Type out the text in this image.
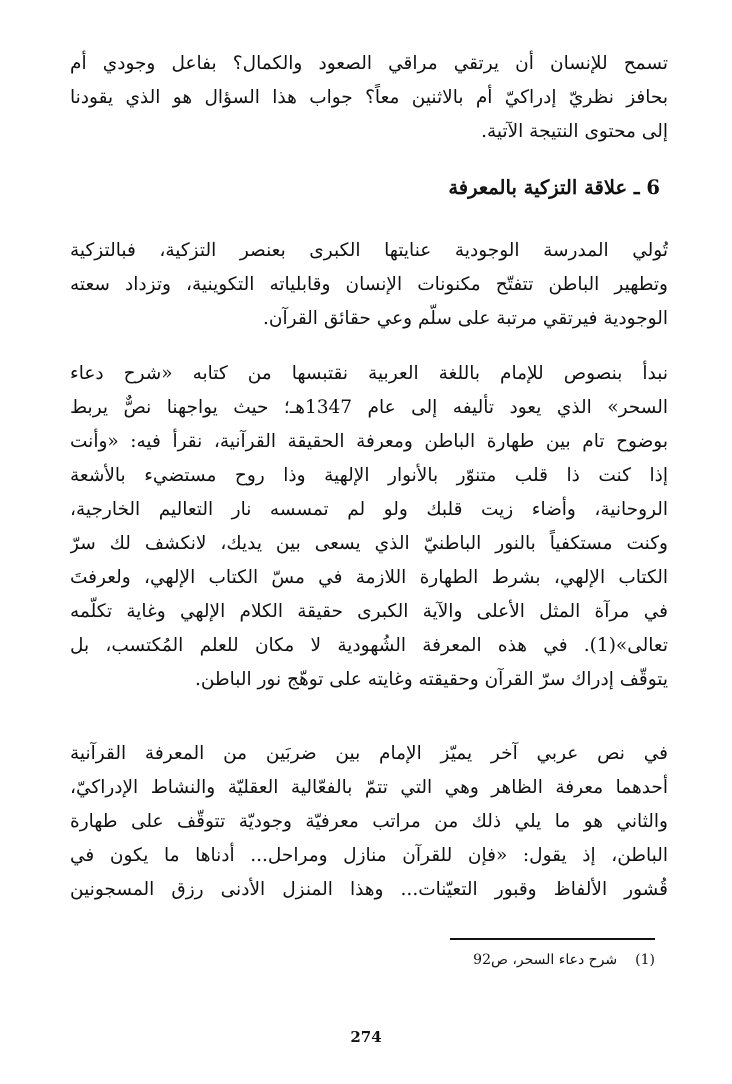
تسمح للإنسان أن يرتقي مراقي الصعود والكمال؟ بفاعل وجودي أم
بحافز نظريّ إدراكيّ أم بالاثنين معاً؟ جواب هذا السؤال هو الذي يقودنا
إلى محتوى النتيجة الآتية.
6 ـ علاقة التزكية بالمعرفة
تُولي المدرسة الوجودية عنايتها الكبرى بعنصر التزكية، فبالتزكية
وتطهير الباطن تتفتّح مكنونات الإنسان وقابلياته التكوينية، وتزداد سعته
الوجودية فيرتقي مرتبة على سلّم وعي حقائق القرآن.
نبدأ بنصوص للإمام باللغة العربية نقتبسها من كتابه «شرح دعاء
السحر» الذي يعود تأليفه إلى عام 1347هـ؛ حيث يواجهنا نصٌّ يربط
بوضوح تام بين طهارة الباطن ومعرفة الحقيقة القرآنية، نقرأ فيه: «وأنت
إذا كنت ذا قلب متنوّر بالأنوار الإلهية وذا روح مستضيء بالأشعة
الروحانية، وأضاء زيت قلبك ولو لم تمسسه نار التعاليم الخارجية،
وكنت مستكفياً بالنور الباطنيّ الذي يسعى بين يديك، لانكشف لك سرّ
الكتاب الإلهي، بشرط الطهارة اللازمة في مسّ الكتاب الإلهي، ولعرفتَ
في مرآة المثل الأعلى والآية الكبرى حقيقة الكلام الإلهي وغاية تكلّمه
تعالى»(1). في هذه المعرفة الشُهودية لا مكان للعلم المُكتسب، بل
يتوقّف إدراك سرّ القرآن وحقيقته وغايته على توهّج نور الباطن.
في نص عربي آخر يميّز الإمام بين ضربَين من المعرفة القرآنية
أحدهما معرفة الظاهر وهي التي تتمّ بالفعّالية العقليّة والنشاط الإدراكيّ،
والثاني هو ما يلي ذلك من مراتب معرفيّة وجوديّة تتوقّف على طهارة
الباطن، إذ يقول: «فإن للقرآن منازل ومراحل... أدناها ما يكون في
قُشور الألفاظ وقبور التعيّنات... وهذا المنزل الأدنى رزق المسجونين
(1)شرح دعاء السحر، ص92
274
